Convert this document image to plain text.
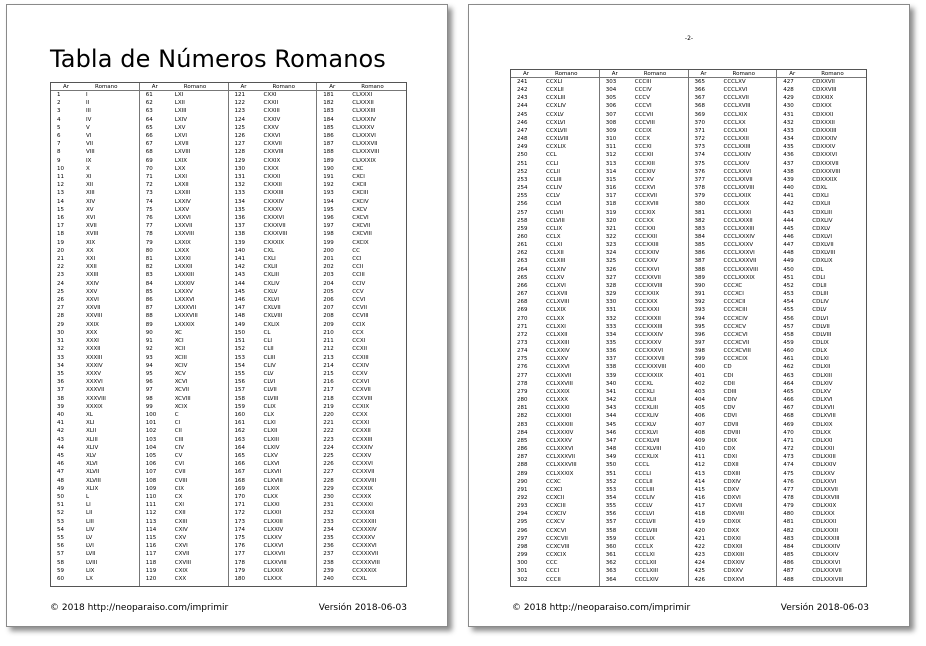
Tabla de Números Romanos
Ar	Romano
1	I
2	II
3	III
4	IV
5	V
6	VI
7	VII
8	VIII
9	IX
10	X
11	XI
12	XII
13	XIII
14	XIV
15	XV
16	XVI
17	XVII
18	XVIII
19	XIX
20	XX
21	XXI
22	XXII
23	XXIII
24	XXIV
25	XXV
26	XXVI
27	XXVII
28	XXVIII
29	XXIX
30	XXX
31	XXXI
32	XXXII
33	XXXIII
34	XXXIV
35	XXXV
36	XXXVI
37	XXXVII
38	XXXVIII
39	XXXIX
40	XL
41	XLI
42	XLII
43	XLIII
44	XLIV
45	XLV
46	XLVI
47	XLVII
48	XLVIII
49	XLIX
50	L
51	LI
52	LII
53	LIII
54	LIV
55	LV
56	LVI
57	LVII
58	LVIII
59	LIX
60	LX
Ar	Romano
61	LXI
62	LXII
63	LXIII
64	LXIV
65	LXV
66	LXVI
67	LXVII
68	LXVIII
69	LXIX
70	LXX
71	LXXI
72	LXXII
73	LXXIII
74	LXXIV
75	LXXV
76	LXXVI
77	LXXVII
78	LXXVIII
79	LXXIX
80	LXXX
81	LXXXI
82	LXXXII
83	LXXXIII
84	LXXXIV
85	LXXXV
86	LXXXVI
87	LXXXVII
88	LXXXVIII
89	LXXXIX
90	XC
91	XCI
92	XCII
93	XCIII
94	XCIV
95	XCV
96	XCVI
97	XCVII
98	XCVIII
99	XCIX
100	C
101	CI
102	CII
103	CIII
104	CIV
105	CV
106	CVI
107	CVII
108	CVIII
109	CIX
110	CX
111	CXI
112	CXII
113	CXIII
114	CXIV
115	CXV
116	CXVI
117	CXVII
118	CXVIII
119	CXIX
120	CXX
Ar	Romano
121	CXXI
122	CXXII
123	CXXIII
124	CXXIV
125	CXXV
126	CXXVI
127	CXXVII
128	CXXVIII
129	CXXIX
130	CXXX
131	CXXXI
132	CXXXII
133	CXXXIII
134	CXXXIV
135	CXXXV
136	CXXXVI
137	CXXXVII
138	CXXXVIII
139	CXXXIX
140	CXL
141	CXLI
142	CXLII
143	CXLIII
144	CXLIV
145	CXLV
146	CXLVI
147	CXLVII
148	CXLVIII
149	CXLIX
150	CL
151	CLI
152	CLII
153	CLIII
154	CLIV
155	CLV
156	CLVI
157	CLVII
158	CLVIII
159	CLIX
160	CLX
161	CLXI
162	CLXII
163	CLXIII
164	CLXIV
165	CLXV
166	CLXVI
167	CLXVII
168	CLXVIII
169	CLXIX
170	CLXX
171	CLXXI
172	CLXXII
173	CLXXIII
174	CLXXIV
175	CLXXV
176	CLXXVI
177	CLXXVII
178	CLXXVIII
179	CLXXIX
180	CLXXX
Ar	Romano
181	CLXXXI
182	CLXXXII
183	CLXXXIII
184	CLXXXIV
185	CLXXXV
186	CLXXXVI
187	CLXXXVII
188	CLXXXVIII
189	CLXXXIX
190	CXC
191	CXCI
192	CXCII
193	CXCIII
194	CXCIV
195	CXCV
196	CXCVI
197	CXCVII
198	CXCVIII
199	CXCIX
200	CC
201	CCI
202	CCII
203	CCIII
204	CCIV
205	CCV
206	CCVI
207	CCVII
208	CCVIII
209	CCIX
210	CCX
211	CCXI
212	CCXII
213	CCXIII
214	CCXIV
215	CCXV
216	CCXVI
217	CCXVII
218	CCXVIII
219	CCXIX
220	CCXX
221	CCXXI
222	CCXXII
223	CCXXIII
224	CCXXIV
225	CCXXV
226	CCXXVI
227	CCXXVII
228	CCXXVIII
229	CCXXIX
230	CCXXX
231	CCXXXI
232	CCXXXII
233	CCXXXIII
234	CCXXXIV
235	CCXXXV
236	CCXXXVI
237	CCXXXVII
238	CCXXXVIII
239	CCXXXIX
240	CCXL
© 2018 http://neoparaiso.com/imprimir	Versión 2018-06-03
-2-
Ar	Romano
241	CCXLI
242	CCXLII
243	CCXLIII
244	CCXLIV
245	CCXLV
246	CCXLVI
247	CCXLVII
248	CCXLVIII
249	CCXLIX
250	CCL
251	CCLI
252	CCLII
253	CCLIII
254	CCLIV
255	CCLV
256	CCLVI
257	CCLVII
258	CCLVIII
259	CCLIX
260	CCLX
261	CCLXI
262	CCLXII
263	CCLXIII
264	CCLXIV
265	CCLXV
266	CCLXVI
267	CCLXVII
268	CCLXVIII
269	CCLXIX
270	CCLXX
271	CCLXXI
272	CCLXXII
273	CCLXXIII
274	CCLXXIV
275	CCLXXV
276	CCLXXVI
277	CCLXXVII
278	CCLXXVIII
279	CCLXXIX
280	CCLXXX
281	CCLXXXI
282	CCLXXXII
283	CCLXXXIII
284	CCLXXXIV
285	CCLXXXV
286	CCLXXXVI
287	CCLXXXVII
288	CCLXXXVIII
289	CCLXXXIX
290	CCXC
291	CCXCI
292	CCXCII
293	CCXCIII
294	CCXCIV
295	CCXCV
296	CCXCVI
297	CCXCVII
298	CCXCVIII
299	CCXCIX
300	CCC
301	CCCI
302	CCCII
Ar	Romano
303	CCCIII
304	CCCIV
305	CCCV
306	CCCVI
307	CCCVII
308	CCCVIII
309	CCCIX
310	CCCX
311	CCCXI
312	CCCXII
313	CCCXIII
314	CCCXIV
315	CCCXV
316	CCCXVI
317	CCCXVII
318	CCCXVIII
319	CCCXIX
320	CCCXX
321	CCCXXI
322	CCCXXII
323	CCCXXIII
324	CCCXXIV
325	CCCXXV
326	CCCXXVI
327	CCCXXVII
328	CCCXXVIII
329	CCCXXIX
330	CCCXXX
331	CCCXXXI
332	CCCXXXII
333	CCCXXXIII
334	CCCXXXIV
335	CCCXXXV
336	CCCXXXVI
337	CCCXXXVII
338	CCCXXXVIII
339	CCCXXXIX
340	CCCXL
341	CCCXLI
342	CCCXLII
343	CCCXLIII
344	CCCXLIV
345	CCCXLV
346	CCCXLVI
347	CCCXLVII
348	CCCXLVIII
349	CCCXLIX
350	CCCL
351	CCCLI
352	CCCLII
353	CCCLIII
354	CCCLIV
355	CCCLV
356	CCCLVI
357	CCCLVII
358	CCCLVIII
359	CCCLIX
360	CCCLX
361	CCCLXI
362	CCCLXII
363	CCCLXIII
364	CCCLXIV
Ar	Romano
365	CCCLXV
366	CCCLXVI
367	CCCLXVII
368	CCCLXVIII
369	CCCLXIX
370	CCCLXX
371	CCCLXXI
372	CCCLXXII
373	CCCLXXIII
374	CCCLXXIV
375	CCCLXXV
376	CCCLXXVI
377	CCCLXXVII
378	CCCLXXVIII
379	CCCLXXIX
380	CCCLXXX
381	CCCLXXXI
382	CCCLXXXII
383	CCCLXXXIII
384	CCCLXXXIV
385	CCCLXXXV
386	CCCLXXXVI
387	CCCLXXXVII
388	CCCLXXXVIII
389	CCCLXXXIX
390	CCCXC
391	CCCXCI
392	CCCXCII
393	CCCXCIII
394	CCCXCIV
395	CCCXCV
396	CCCXCVI
397	CCCXCVII
398	CCCXCVIII
399	CCCXCIX
400	CD
401	CDI
402	CDII
403	CDIII
404	CDIV
405	CDV
406	CDVI
407	CDVII
408	CDVIII
409	CDIX
410	CDX
411	CDXI
412	CDXII
413	CDXIII
414	CDXIV
415	CDXV
416	CDXVI
417	CDXVII
418	CDXVIII
419	CDXIX
420	CDXX
421	CDXXI
422	CDXXII
423	CDXXIII
424	CDXXIV
425	CDXXV
426	CDXXVI
Ar	Romano
427	CDXXVII
428	CDXXVIII
429	CDXXIX
430	CDXXX
431	CDXXXI
432	CDXXXII
433	CDXXXIII
434	CDXXXIV
435	CDXXXV
436	CDXXXVI
437	CDXXXVII
438	CDXXXVIII
439	CDXXXIX
440	CDXL
441	CDXLI
442	CDXLII
443	CDXLIII
444	CDXLIV
445	CDXLV
446	CDXLVI
447	CDXLVII
448	CDXLVIII
449	CDXLIX
450	CDL
451	CDLI
452	CDLII
453	CDLIII
454	CDLIV
455	CDLV
456	CDLVI
457	CDLVII
458	CDLVIII
459	CDLIX
460	CDLX
461	CDLXI
462	CDLXII
463	CDLXIII
464	CDLXIV
465	CDLXV
466	CDLXVI
467	CDLXVII
468	CDLXVIII
469	CDLXIX
470	CDLXX
471	CDLXXI
472	CDLXXII
473	CDLXXIII
474	CDLXXIV
475	CDLXXV
476	CDLXXVI
477	CDLXXVII
478	CDLXXVIII
479	CDLXXIX
480	CDLXXX
481	CDLXXXI
482	CDLXXXII
483	CDLXXXIII
484	CDLXXXIV
485	CDLXXXV
486	CDLXXXVI
487	CDLXXXVII
488	CDLXXXVIII
© 2018 http://neoparaiso.com/imprimir	Versión 2018-06-03
